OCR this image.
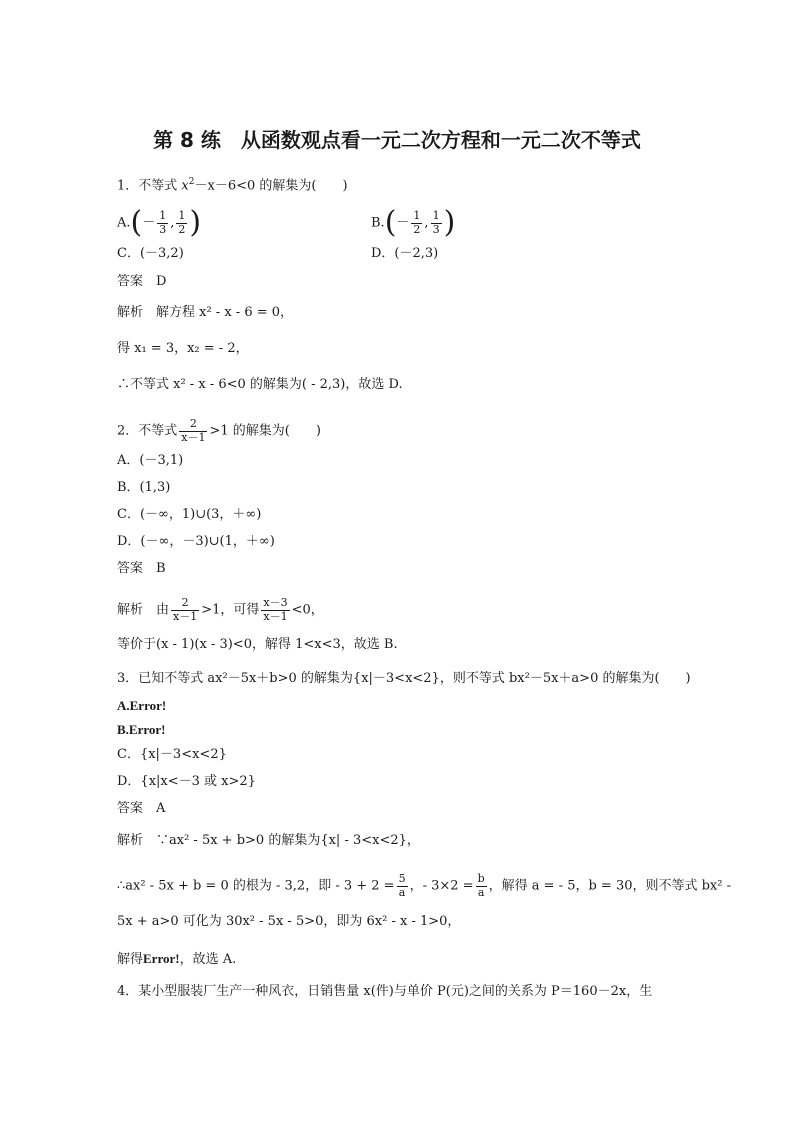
第 8 练　从函数观点看一元二次方程和一元二次不等式
1．不等式 $x^2-x-6<0$ 的解集为(　　)
$A.(- \frac{1}{3}$ , $\frac{1}{2}$ )	$B.(- \frac{1}{2}$ , $\frac{1}{3}$ )
C．(－3,2)	D．(－2,3)
答案　D
解析　解方程 x² - x - 6 = 0，
得 x₁ = 3，x₂ = - 2，
∴不等式 x² - x - 6<0 的解集为( - 2,3)，故选 D.
2．不等式 $\frac{2}{x-1} >1$ 的解集为(　　)
A．(－3,1)
B．(1,3)
C．(－∞，1)∪(3，＋∞)
D．(－∞，－3)∪(1，＋∞)
答案　B
解析　由 $\frac{2}{x-1} >1$，可得 $\frac{x-3}{x-1} <0$，
等价于(x - 1)(x - 3)<0，解得 1<x<3，故选 B.
3．已知不等式 ax²－5x＋b>0 的解集为{x|－3<x<2}，则不等式 bx²－5x＋a>0 的解集为(　　)
A.Error!
B.Error!
C．{x|－3<x<2}
D．{x|x<－3 或 x>2}
答案　A
解析　∵ax² - 5x + b>0 的解集为{x| - 3<x<2}，
∴ax² - 5x + b = 0 的根为 - 3,2，即 - $3 + 2 = \frac{5}{a}$ ，- $3\times 2 = \frac{b}{a}$ ，解得 a = - 5，b = 30，则不等式 bx² -
5x + a>0 可化为 30x² - 5x - 5>0，即为 6x² - x - 1>0，
解得Error!，故选 A.
4．某小型服装厂生产一种风衣，日销售量 x(件)与单价 P(元)之间的关系为 P＝160－2x，生
